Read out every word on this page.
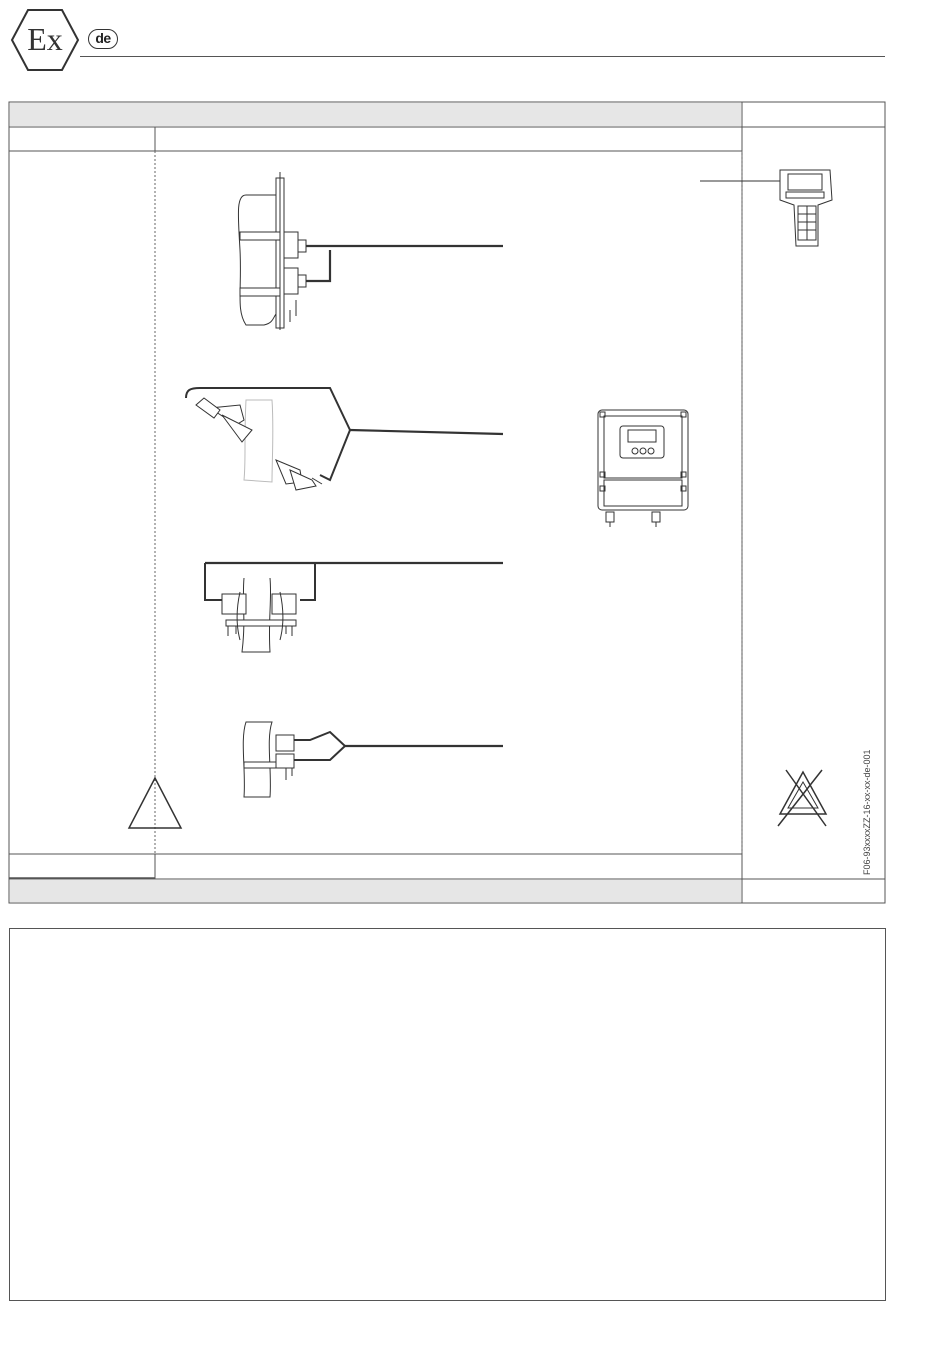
Ex	de
F06-93xxxxZZ-16-xx-xx-de-001
